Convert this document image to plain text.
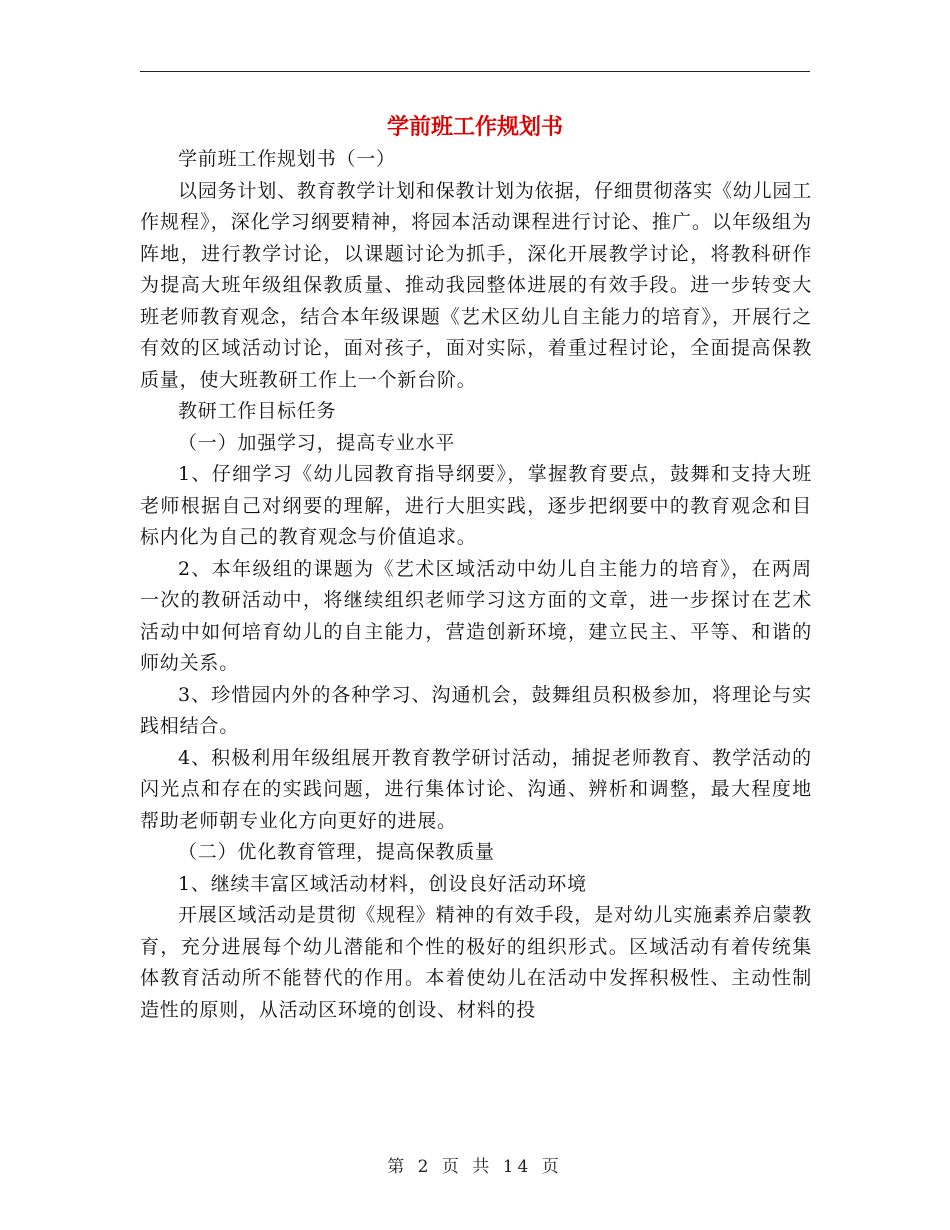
学前班工作规划书

学前班工作规划书（一）

以园务计划、教育教学计划和保教计划为依据，仔细贯彻落实《幼儿园工作规程》，深化学习纲要精神，将园本活动课程进行讨论、推广。以年级组为阵地，进行教学讨论，以课题讨论为抓手，深化开展教学讨论，将教科研作为提高大班年级组保教质量、推动我园整体进展的有效手段。进一步转变大班老师教育观念，结合本年级课题《艺术区幼儿自主能力的培育》，开展行之有效的区域活动讨论，面对孩子，面对实际，着重过程讨论，全面提高保教质量，使大班教研工作上一个新台阶。

教研工作目标任务

（一）加强学习，提高专业水平

1、仔细学习《幼儿园教育指导纲要》，掌握教育要点，鼓舞和支持大班老师根据自己对纲要的理解，进行大胆实践，逐步把纲要中的教育观念和目标内化为自己的教育观念与价值追求。

2、本年级组的课题为《艺术区域活动中幼儿自主能力的培育》，在两周一次的教研活动中，将继续组织老师学习这方面的文章，进一步探讨在艺术活动中如何培育幼儿的自主能力，营造创新环境，建立民主、平等、和谐的师幼关系。

3、珍惜园内外的各种学习、沟通机会，鼓舞组员积极参加，将理论与实践相结合。

4、积极利用年级组展开教育教学研讨活动，捕捉老师教育、教学活动的闪光点和存在的实践问题，进行集体讨论、沟通、辨析和调整，最大程度地帮助老师朝专业化方向更好的进展。

（二）优化教育管理，提高保教质量

1、继续丰富区域活动材料，创设良好活动环境

开展区域活动是贯彻《规程》精神的有效手段，是对幼儿实施素养启蒙教育，充分进展每个幼儿潜能和个性的极好的组织形式。区域活动有着传统集体教育活动所不能替代的作用。本着使幼儿在活动中发挥积极性、主动性制造性的原则，从活动区环境的创设、材料的投

第 2 页 共 14 页
